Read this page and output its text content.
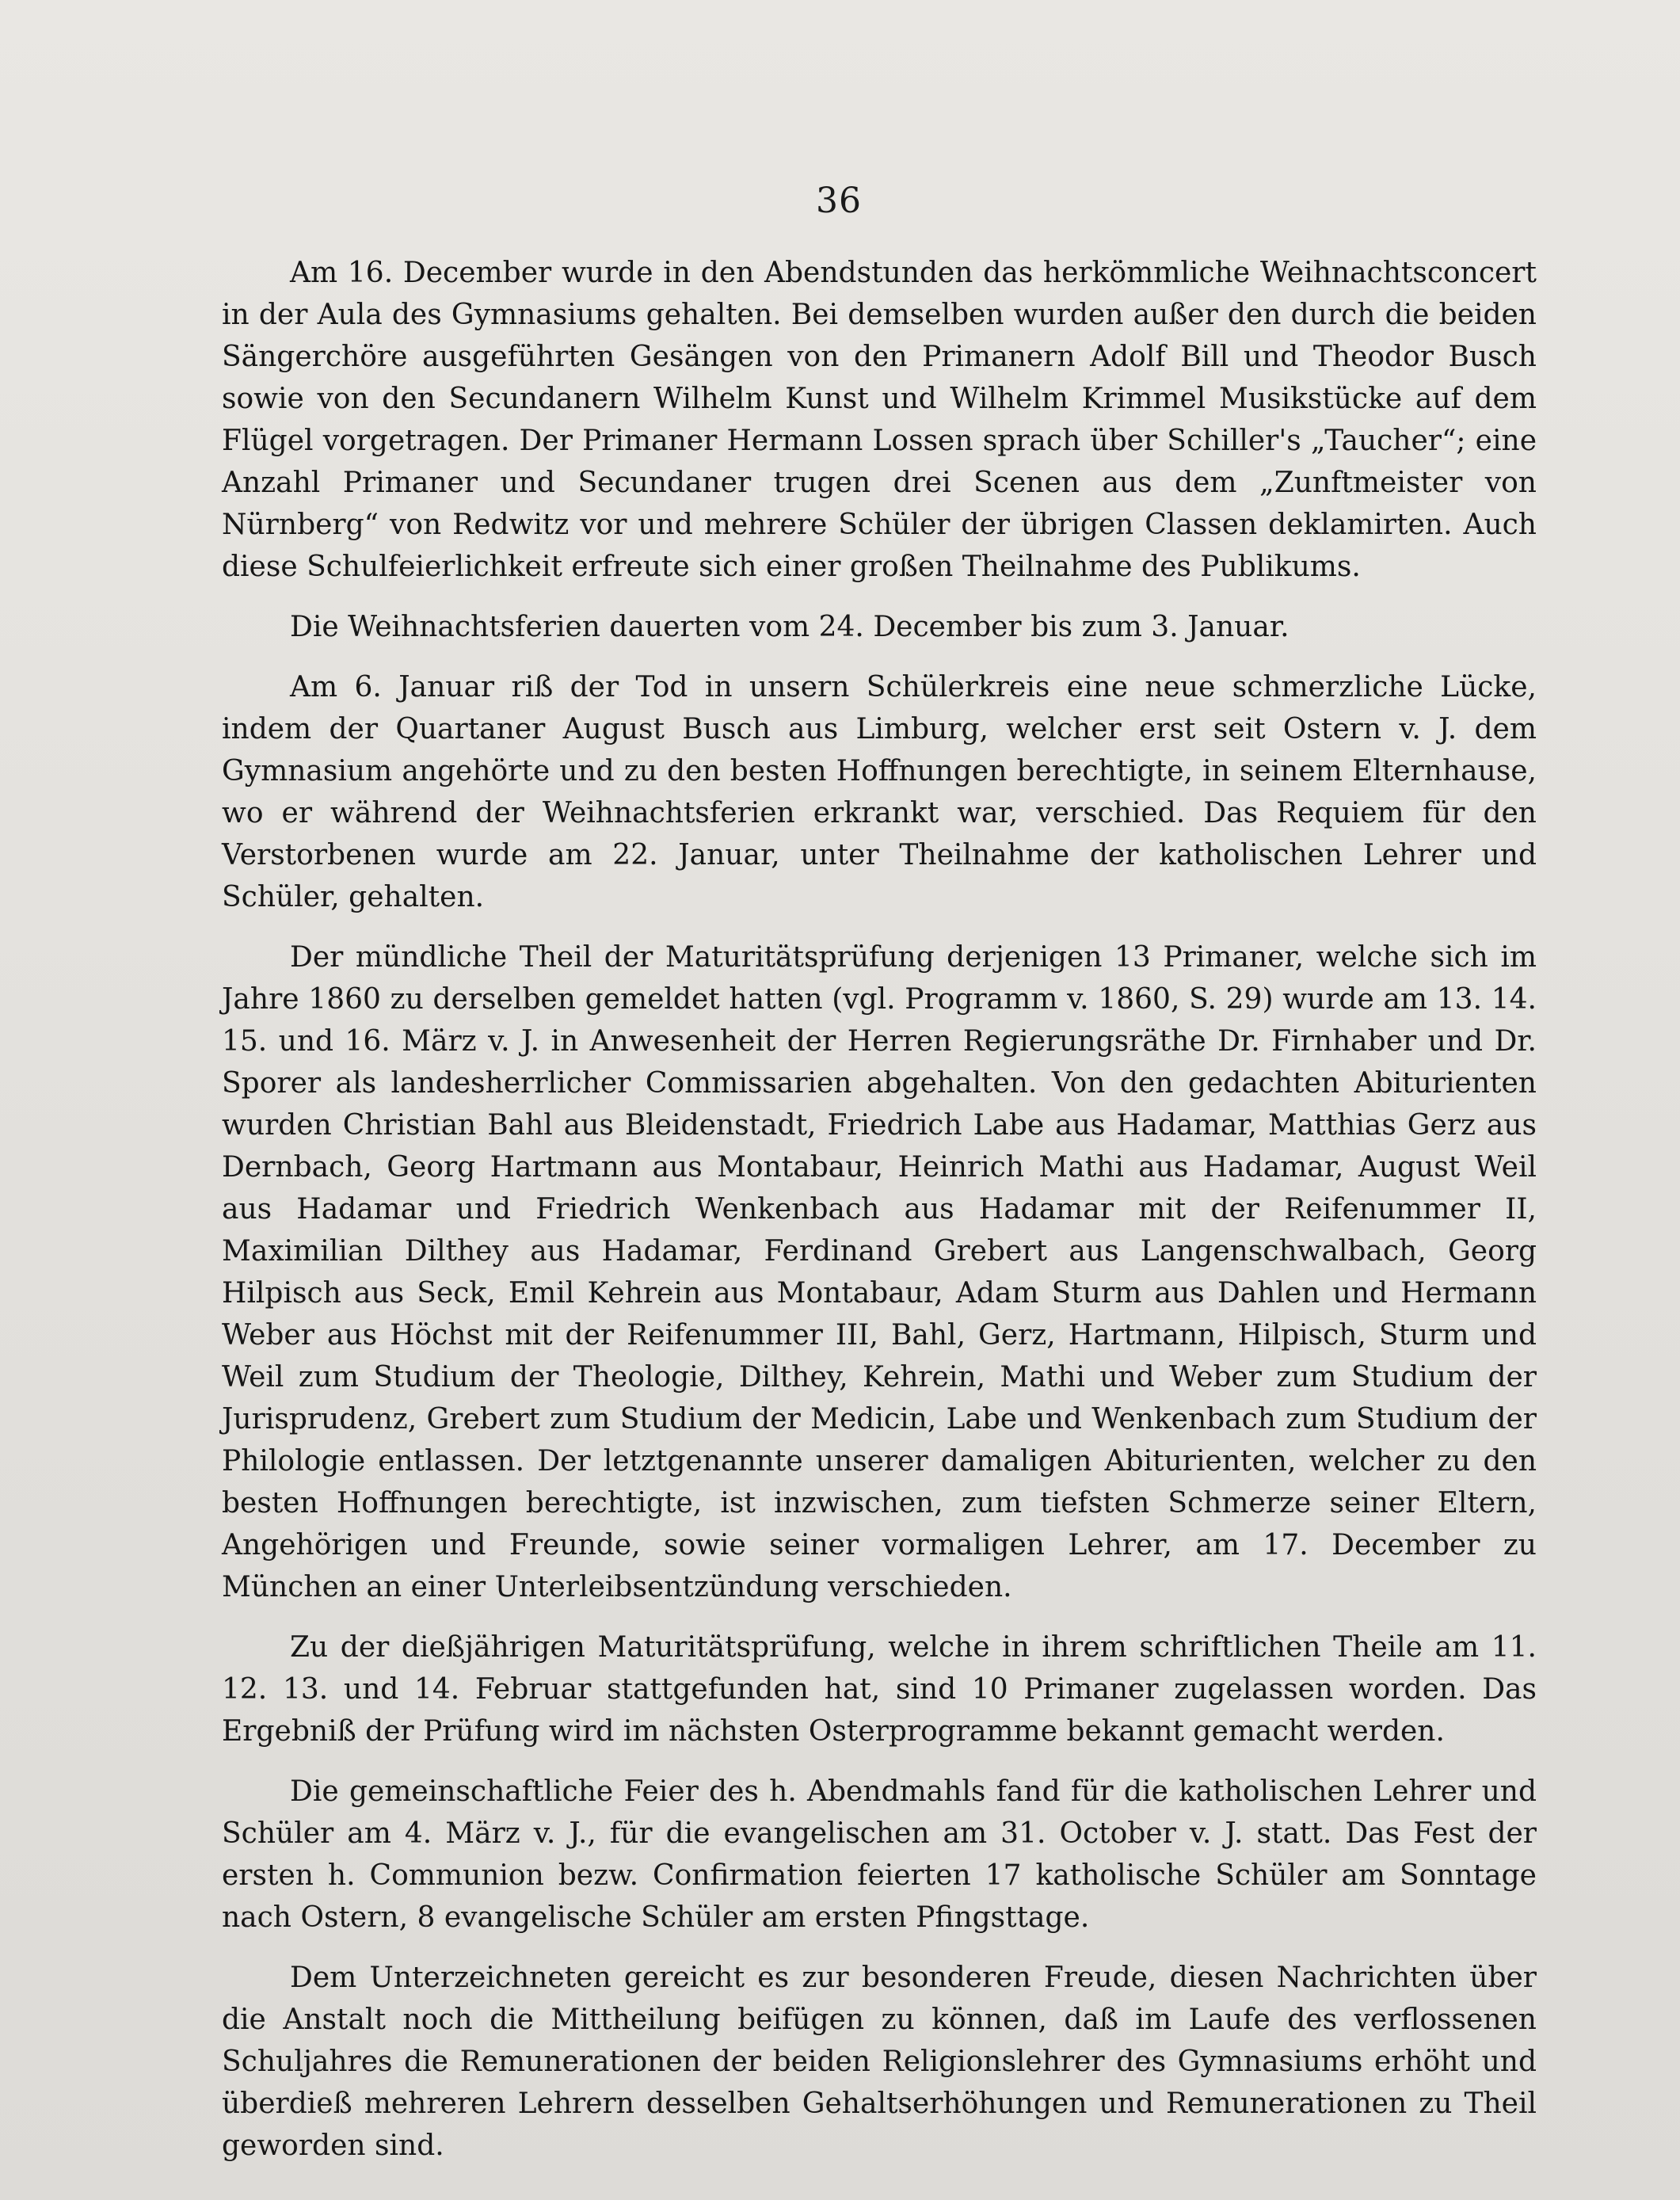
36

Am 16. December wurde in den Abendstunden das herkömmliche Weihnachtsconcert in der Aula des Gymnasiums gehalten. Bei demselben wurden außer den durch die beiden Sängerchöre ausgeführten Gesängen von den Primanern Adolf Bill und Theodor Busch sowie von den Secundanern Wilhelm Kunst und Wilhelm Krimmel Musikstücke auf dem Flügel vorgetragen. Der Primaner Hermann Lossen sprach über Schiller's „Taucher“; eine Anzahl Primaner und Secundaner trugen drei Scenen aus dem „Zunftmeister von Nürnberg“ von Redwitz vor und mehrere Schüler der übrigen Classen deklamirten. Auch diese Schulfeierlichkeit erfreute sich einer großen Theilnahme des Publikums.

Die Weihnachtsferien dauerten vom 24. December bis zum 3. Januar.

Am 6. Januar riß der Tod in unsern Schülerkreis eine neue schmerzliche Lücke, indem der Quartaner August Busch aus Limburg, welcher erst seit Ostern v. J. dem Gymnasium angehörte und zu den besten Hoffnungen berechtigte, in seinem Elternhause, wo er während der Weihnachtsferien erkrankt war, verschied. Das Requiem für den Verstorbenen wurde am 22. Januar, unter Theilnahme der katholischen Lehrer und Schüler, gehalten.

Der mündliche Theil der Maturitätsprüfung derjenigen 13 Primaner, welche sich im Jahre 1860 zu derselben gemeldet hatten (vgl. Programm v. 1860, S. 29) wurde am 13. 14. 15. und 16. März v. J. in Anwesenheit der Herren Regierungsräthe Dr. Firnhaber und Dr. Sporer als landesherrlicher Commissarien abgehalten. Von den gedachten Abiturienten wurden Christian Bahl aus Bleidenstadt, Friedrich Labe aus Hadamar, Matthias Gerz aus Dernbach, Georg Hartmann aus Montabaur, Heinrich Mathi aus Hadamar, August Weil aus Hadamar und Friedrich Wenkenbach aus Hadamar mit der Reifenummer II, Maximilian Dilthey aus Hadamar, Ferdinand Grebert aus Langenschwalbach, Georg Hilpisch aus Seck, Emil Kehrein aus Montabaur, Adam Sturm aus Dahlen und Hermann Weber aus Höchst mit der Reifenummer III, Bahl, Gerz, Hartmann, Hilpisch, Sturm und Weil zum Studium der Theologie, Dilthey, Kehrein, Mathi und Weber zum Studium der Jurisprudenz, Grebert zum Studium der Medicin, Labe und Wenkenbach zum Studium der Philologie entlassen. Der letztgenannte unserer damaligen Abiturienten, welcher zu den besten Hoffnungen berechtigte, ist inzwischen, zum tiefsten Schmerze seiner Eltern, Angehörigen und Freunde, sowie seiner vormaligen Lehrer, am 17. December zu München an einer Unterleibsentzündung verschieden.

Zu der dießjährigen Maturitätsprüfung, welche in ihrem schriftlichen Theile am 11. 12. 13. und 14. Februar stattgefunden hat, sind 10 Primaner zugelassen worden. Das Ergebniß der Prüfung wird im nächsten Osterprogramme bekannt gemacht werden.

Die gemeinschaftliche Feier des h. Abendmahls fand für die katholischen Lehrer und Schüler am 4. März v. J., für die evangelischen am 31. October v. J. statt. Das Fest der ersten h. Communion bezw. Confirmation feierten 17 katholische Schüler am Sonntage nach Ostern, 8 evangelische Schüler am ersten Pfingsttage.

Dem Unterzeichneten gereicht es zur besonderen Freude, diesen Nachrichten über die Anstalt noch die Mittheilung beifügen zu können, daß im Laufe des verflossenen Schuljahres die Remunerationen der beiden Religionslehrer des Gymnasiums erhöht und überdieß mehreren Lehrern desselben Gehaltserhöhungen und Remunerationen zu Theil geworden sind.
